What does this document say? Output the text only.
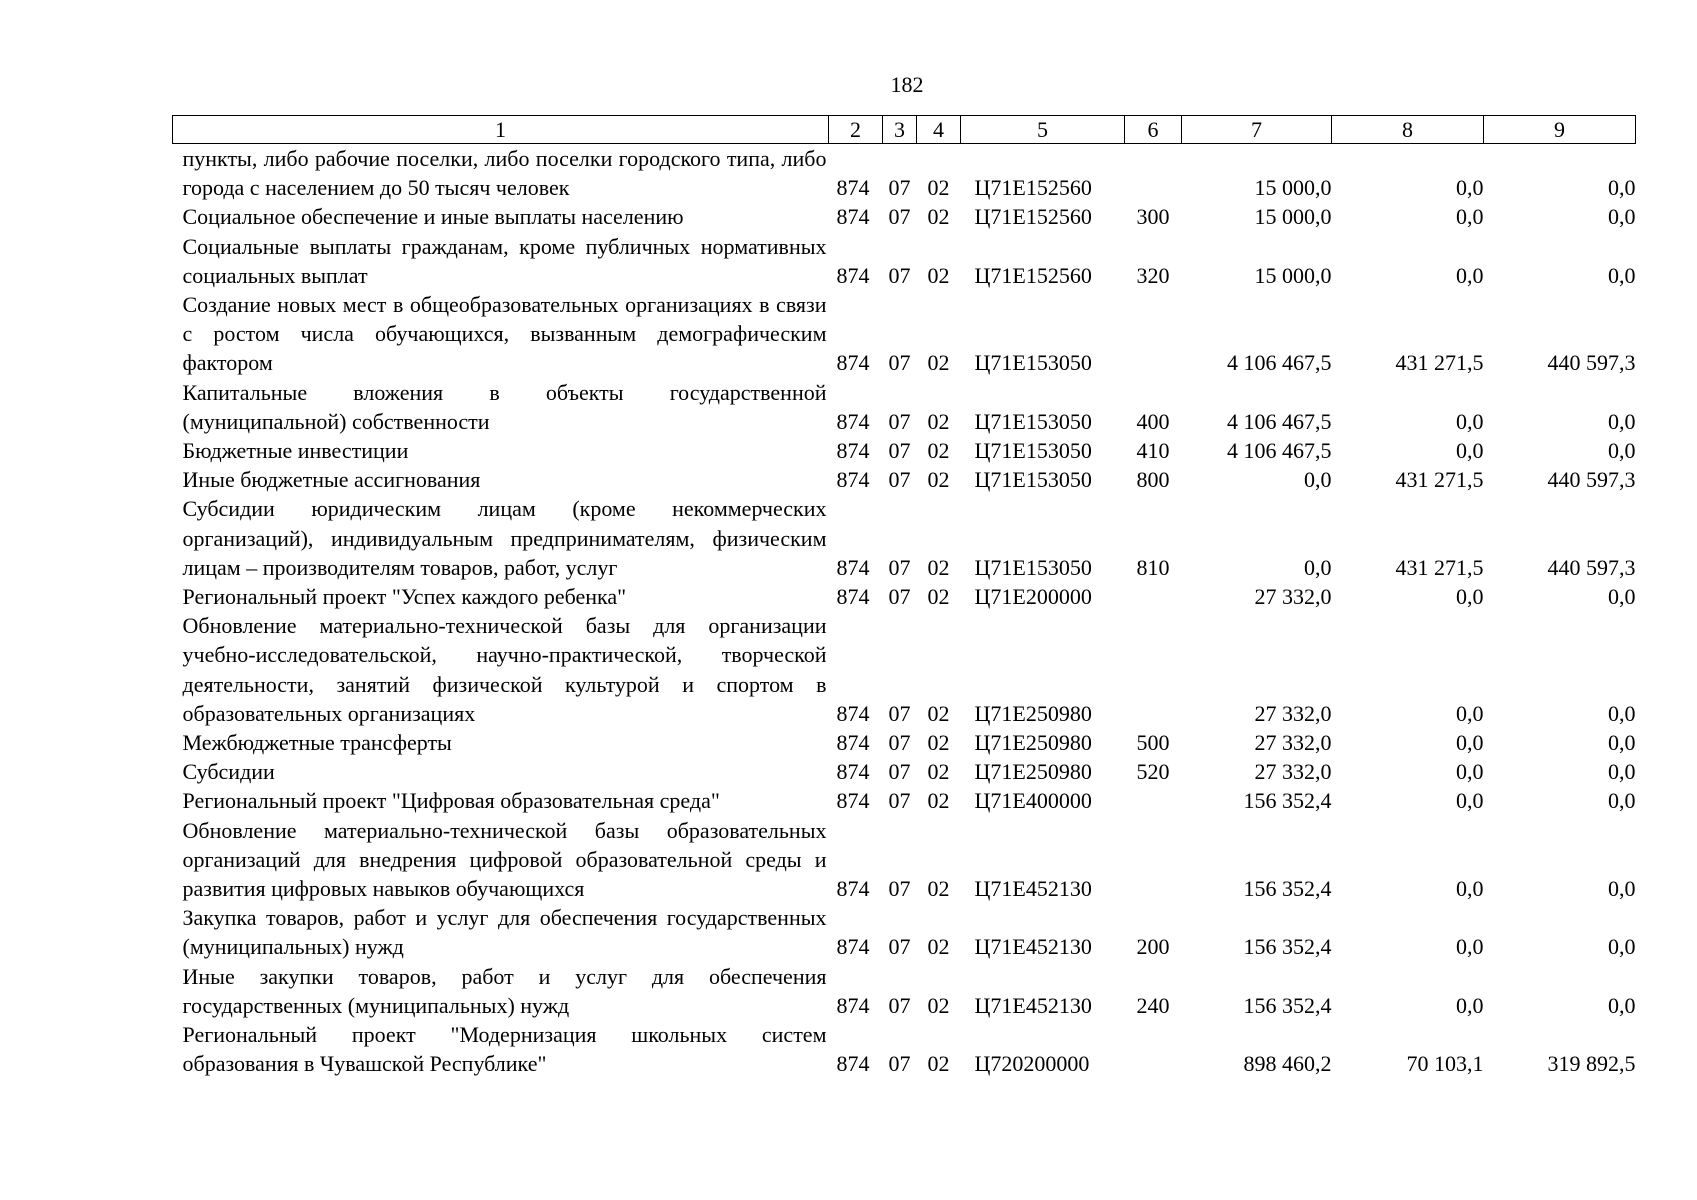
182
1	2	3	4	5	6	7	8	9
пункты, либо рабочие поселки, либо поселки городского типа, либо города с населением до 50 тысяч человек	874	07	02	Ц71E152560		15 000,0	0,0	0,0
Социальное обеспечение и иные выплаты населению	874	07	02	Ц71E152560	300	15 000,0	0,0	0,0
Социальные выплаты гражданам, кроме публичных нормативных социальных выплат	874	07	02	Ц71E152560	320	15 000,0	0,0	0,0
Создание новых мест в общеобразовательных организациях в связи с ростом числа обучающихся, вызванным демографическим фактором	874	07	02	Ц71E153050		4 106 467,5	431 271,5	440 597,3
Капитальные вложения в объекты государственной (муниципальной) собственности	874	07	02	Ц71E153050	400	4 106 467,5	0,0	0,0
Бюджетные инвестиции	874	07	02	Ц71E153050	410	4 106 467,5	0,0	0,0
Иные бюджетные ассигнования	874	07	02	Ц71E153050	800	0,0	431 271,5	440 597,3
Субсидии юридическим лицам (кроме некоммерческих организаций), индивидуальным предпринимателям, физическим лицам – производителям товаров, работ, услуг	874	07	02	Ц71E153050	810	0,0	431 271,5	440 597,3
Региональный проект "Успех каждого ребенка"	874	07	02	Ц71E200000		27 332,0	0,0	0,0
Обновление материально-технической базы для организации учебно-исследовательской, научно-практической, творческой деятельности, занятий физической культурой и спортом в образовательных организациях	874	07	02	Ц71E250980		27 332,0	0,0	0,0
Межбюджетные трансферты	874	07	02	Ц71E250980	500	27 332,0	0,0	0,0
Субсидии	874	07	02	Ц71E250980	520	27 332,0	0,0	0,0
Региональный проект "Цифровая образовательная среда"	874	07	02	Ц71E400000		156 352,4	0,0	0,0
Обновление материально-технической базы образовательных организаций для внедрения цифровой образовательной среды и развития цифровых навыков обучающихся	874	07	02	Ц71E452130		156 352,4	0,0	0,0
Закупка товаров, работ и услуг для обеспечения государственных (муниципальных) нужд	874	07	02	Ц71E452130	200	156 352,4	0,0	0,0
Иные закупки товаров, работ и услуг для обеспечения государственных (муниципальных) нужд	874	07	02	Ц71E452130	240	156 352,4	0,0	0,0
Региональный проект "Модернизация школьных систем образования в Чувашской Республике"	874	07	02	Ц720200000		898 460,2	70 103,1	319 892,5
